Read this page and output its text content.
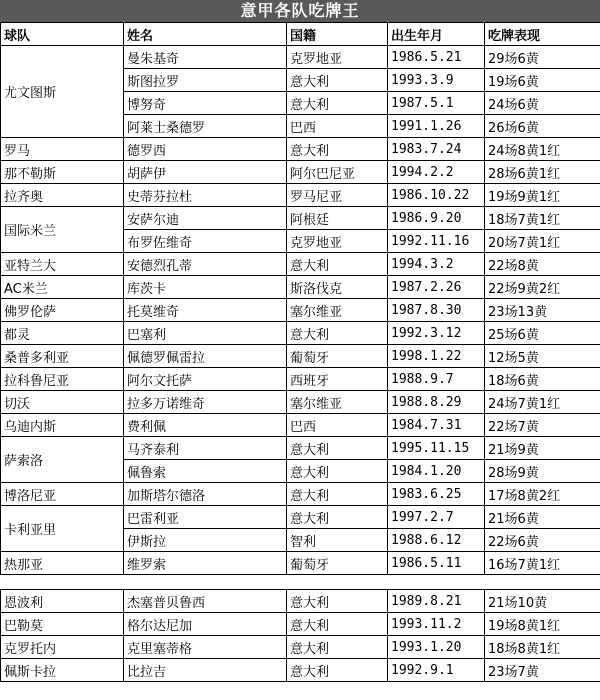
意甲各队吃牌王
球队	姓名	国籍	出生年月	吃牌表现
尤文图斯	曼朱基奇	克罗地亚	1986.5.21	29场6黄
	斯图拉罗	意大利	1993.3.9	19场6黄
	博努奇	意大利	1987.5.1	24场6黄
	阿莱士桑德罗	巴西	1991.1.26	26场6黄
罗马	德罗西	意大利	1983.7.24	24场8黄1红
那不勒斯	胡萨伊	阿尔巴尼亚	1994.2.2	28场6黄1红
拉齐奥	史蒂芬拉杜	罗马尼亚	1986.10.22	19场9黄1红
国际米兰	安萨尔迪	阿根廷	1986.9.20	18场7黄1红
	布罗佐维奇	克罗地亚	1992.11.16	20场7黄1红
亚特兰大	安德烈孔蒂	意大利	1994.3.2	22场8黄
AC米兰	库茨卡	斯洛伐克	1987.2.26	22场9黄2红
佛罗伦萨	托莫维奇	塞尔维亚	1987.8.30	23场13黄
都灵	巴塞利	意大利	1992.3.12	25场6黄
桑普多利亚	佩德罗佩雷拉	葡萄牙	1998.1.22	12场5黄
拉科鲁尼亚	阿尔文托萨	西班牙	1988.9.7	18场6黄
切沃	拉多万诺维奇	塞尔维亚	1988.8.29	24场7黄1红
乌迪内斯	费利佩	巴西	1984.7.31	22场7黄
萨索洛	马齐泰利	意大利	1995.11.15	21场9黄
	佩鲁索	意大利	1984.1.20	28场9黄
博洛尼亚	加斯塔尔德洛	意大利	1983.6.25	17场8黄2红
卡利亚里	巴雷利亚	意大利	1997.2.7	21场6黄
	伊斯拉	智利	1988.6.12	22场6黄
热那亚	维罗索	葡萄牙	1986.5.11	16场7黄1红

恩波利	杰塞普贝鲁西	意大利	1989.8.21	21场10黄
巴勒莫	格尔达尼加	意大利	1993.11.2	19场8黄1红
克罗托内	克里塞蒂格	意大利	1993.1.20	18场8黄1红
佩斯卡拉	比拉吉	意大利	1992.9.1	23场7黄
